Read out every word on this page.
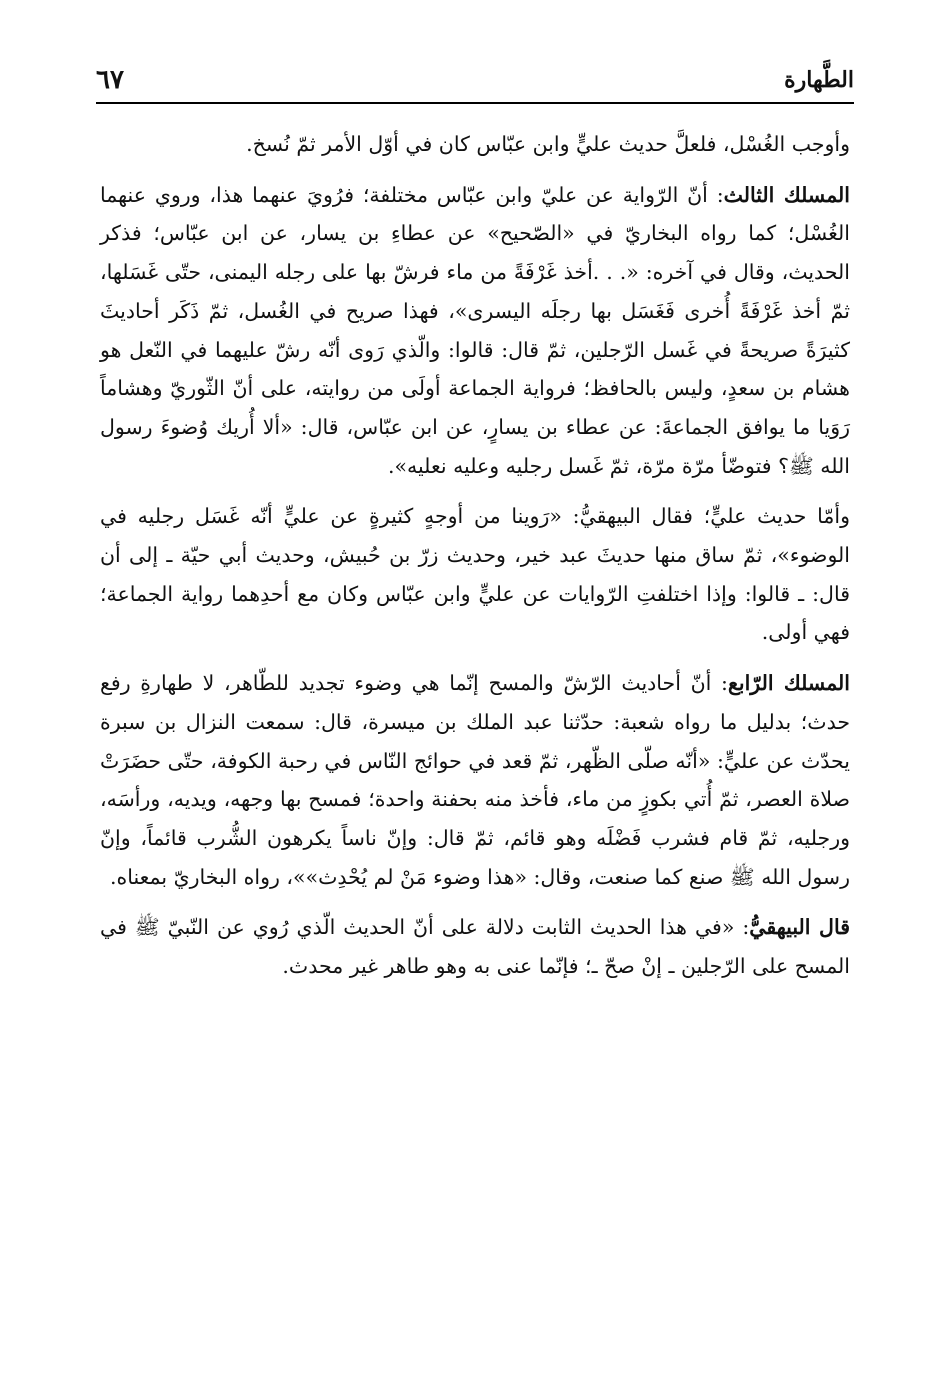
الطَّهارة
٦٧

وأوجب الغُسْل، فلعلَّ حديث عليٍّ وابن عبّاس كان في أوّل الأمر ثمّ نُسخ.

المسلك الثالث: أنّ الرّواية عن عليّ وابن عبّاس مختلفة؛ فرُويَ عنهما هذا، وروي عنهما الغُسْل؛ كما رواه البخاريّ في «الصّحيح» عن عطاءِ بن يسار، عن ابن عبّاس؛ فذكر الحديث، وقال في آخره: «. . .أخذ غَرْفَةً من ماء فرشّ بها على رجله اليمنى، حتّى غَسَلها، ثمّ أخذ غَرْفَةً أُخرى فَغَسَل بها رجلَه اليسرى»، فهذا صريح في الغُسل، ثمّ ذَكَر أحاديثَ كثيرَةً صريحةً في غَسل الرّجلين، ثمّ قال: قالوا: والّذي رَوى أنّه رشّ عليهما في النّعل هو هشام بن سعدٍ، وليس بالحافظ؛ فرواية الجماعة أولَى من روايته، على أنّ الثّوريّ وهشاماً رَوَيا ما يوافق الجماعةَ: عن عطاء بن يسارٍ، عن ابن عبّاس، قال: «ألا أُريك وُضوءَ رسول الله ﷺ؟ فتوضّأ مرّة مرّة، ثمّ غَسل رجليه وعليه نعليه».

وأمّا حديث عليٍّ؛ فقال البيهقيُّ: «رَوينا من أوجهٍ كثيرةٍ عن عليٍّ أنّه غَسَل رجليه في الوضوء»، ثمّ ساق منها حديثَ عبد خير، وحديث زرّ بن حُبيش، وحديث أبي حيّة ـ إلى أن قال: ـ قالوا: وإذا اختلفتِ الرّوايات عن عليٍّ وابن عبّاس وكان مع أحدِهما رواية الجماعة؛ فهي أولى.

المسلك الرّابع: أنّ أحاديث الرّشّ والمسح إنّما هي وضوء تجديد للطّاهر، لا طهارةِ رفع حدث؛ بدليل ما رواه شعبة: حدّثنا عبد الملك بن ميسرة، قال: سمعت النزال بن سبرة يحدّث عن عليٍّ: «أنّه صلّى الظّهر، ثمّ قعد في حوائج النّاس في رحبة الكوفة، حتّى حضَرَتْ صلاة العصر، ثمّ أُتي بكوزٍ من ماء، فأخذ منه بحفنة واحدة؛ فمسح بها وجهه، ويديه، ورأسَه، ورجليه، ثمّ قام فشرب فَضْلَه وهو قائم، ثمّ قال: وإنّ ناساً يكرهون الشُّرب قائماً، وإنّ رسول الله ﷺ صنع كما صنعت، وقال: «هذا وضوء مَنْ لم يُحْدِث»»، رواه البخاريّ بمعناه.

قال البيهقيُّ: «في هذا الحديث الثابت دلالة على أنّ الحديث الّذي رُوي عن النّبيّ ﷺ في المسح على الرّجلين ـ إنْ صحّ ـ؛ فإنّما عنى به وهو طاهر غير محدث.
